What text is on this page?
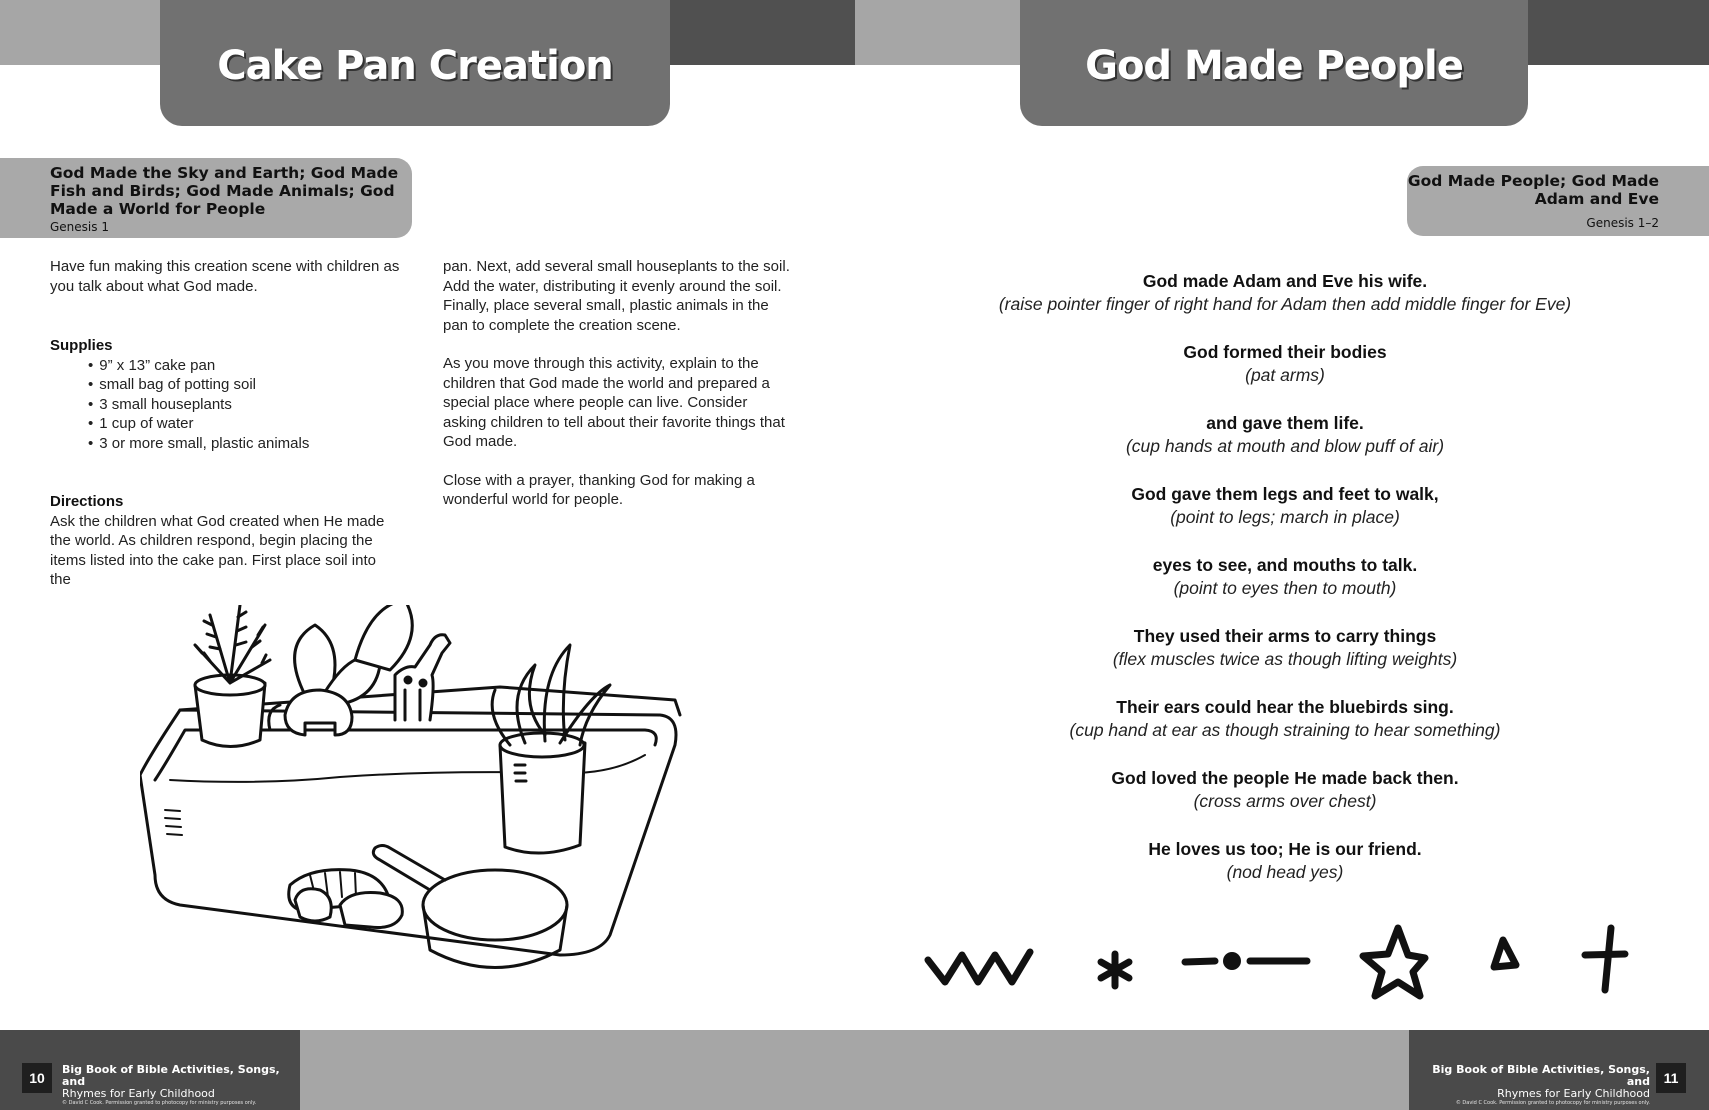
Cake Pan Creation	God Made People
God Made the Sky and Earth; God Made Fish and Birds; God Made Animals; God Made a World for People
Genesis 1
God Made People; God Made Adam and Eve
Genesis 1–2

Have fun making this creation scene with children as you talk about what God made.

Supplies
• 9” x 13” cake pan
• small bag of potting soil
• 3 small houseplants
• 1 cup of water
• 3 or more small, plastic animals
Directions

Ask the children what God created when He made the world. As children respond, begin placing the items listed into the cake pan. First place soil into the

pan. Next, add several small houseplants to the soil. Add the water, distributing it evenly around the soil. Finally, place several small, plastic animals in the pan to complete the creation scene.

As you move through this activity, explain to the children that God made the world and prepared a special place where people can live. Consider asking children to tell about their favorite things that God made.

Close with a prayer, thanking God for making a wonderful world for people.

God made Adam and Eve his wife.
(raise pointer finger of right hand for Adam then add middle finger for Eve)
God formed their bodies
(pat arms)
and gave them life.
(cup hands at mouth and blow puff of air)
God gave them legs and feet to walk,
(point to legs; march in place)
eyes to see, and mouths to talk.
(point to eyes then to mouth)
They used their arms to carry things
(flex muscles twice as though lifting weights)
Their ears could hear the bluebirds sing.
(cup hand at ear as though straining to hear something)
God loved the people He made back then.
(cross arms over chest)
He loves us too; He is our friend.
(nod head yes)
10
Big Book of Bible Activities, Songs, and
Rhymes for Early Childhood
© David C Cook. Permission granted to photocopy for ministry purposes only.
Big Book of Bible Activities, Songs, and
Rhymes for Early Childhood
© David C Cook. Permission granted to photocopy for ministry purposes only.
11
